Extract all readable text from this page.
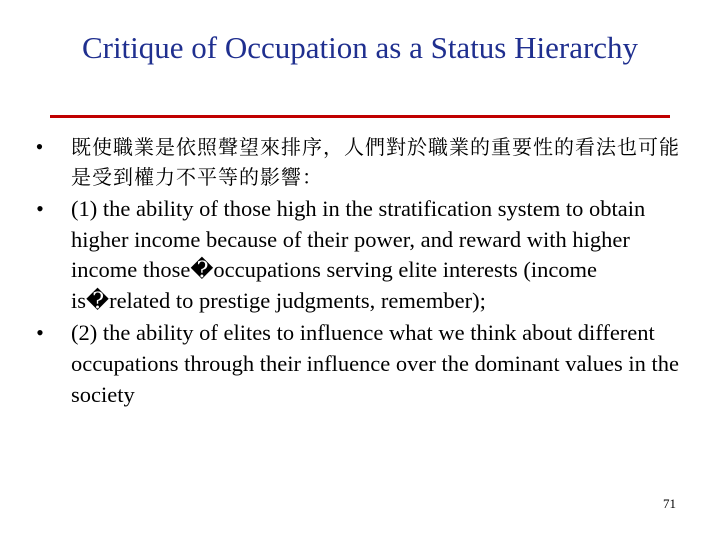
Critique of Occupation as a Status Hierarchy
• 既使職業是依照聲望來排序，人們對於職業的重要性的看法也可能是受到權力不平等的影響：
• (1) the ability of those high in the stratification system to obtain higher income because of their power, and reward with higher income those�occupations serving elite interests (income is�related to prestige judgments, remember);
• (2) the ability of elites to influence what we think about different occupations through their influence over the dominant values in the society
71
